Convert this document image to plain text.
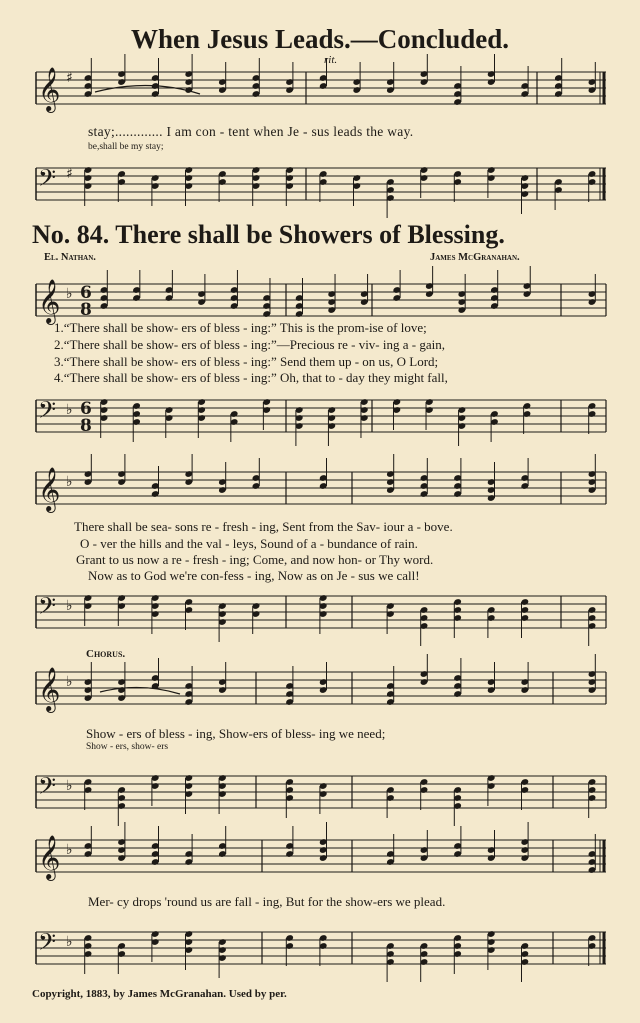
When Jesus Leads.—Concluded.
𝄞 ♯
𝄢 ♯
𝄞 ♭ 6
8
𝄢 ♭ 6
8
𝄞 ♭
𝄢 ♭
𝄞 ♭
𝄢 ♭
𝄞 ♭
𝄢 ♭
rit.
stay;............. I am con - tent when Je - sus leads the way.
be,shall be my stay;
No. 84. There shall be Showers of Blessing.
El. Nathan.	James McGranahan.
1.“There shall be show- ers of bless - ing:” This is the prom-ise of love;
2.“There shall be show- ers of bless - ing:”—Precious re - viv- ing a - gain,
3.“There shall be show- ers of bless - ing:” Send them up - on us, O Lord;
4.“There shall be show- ers of bless - ing:” Oh, that to - day they might fall,
There shall be sea- sons re - fresh - ing, Sent from the Sav- iour a - bove.
O - ver the hills and the val - leys, Sound of a - bundance of rain.
Grant to us now a re - fresh - ing; Come, and now hon- or Thy word.
Now as to God we're con-fess - ing, Now as on Je - sus we call!
Chorus.
Show - ers of bless - ing, Show-ers of bless- ing we need;
Show - ers, show- ers
Mer- cy drops 'round us are fall - ing, But for the show-ers we plead.
Copyright, 1883, by James McGranahan. Used by per.
